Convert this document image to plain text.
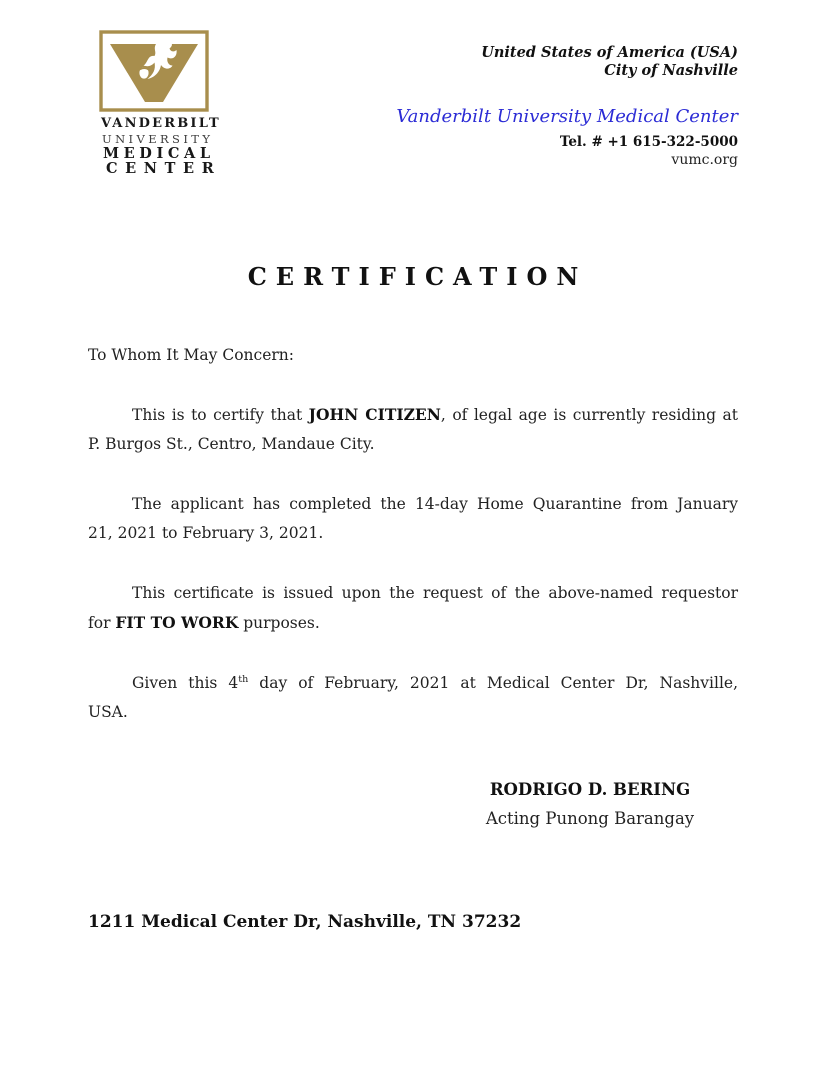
VANDERBILT
UNIVERSITY
MEDICAL
CENTER
United States of America (USA)
City of Nashville
Vanderbilt University Medical Center
Tel. # +1 615-322-5000
vumc.org
CERTIFICATION

To Whom It May Concern:

This is to certify that JOHN CITIZEN, of legal age is currently residing at
P. Burgos St., Centro, Mandaue City.
The applicant has completed the 14-day Home Quarantine from January
21, 2021 to February 3, 2021.
This certificate is issued upon the request of the above-named requestor
for FIT TO WORK purposes.
Given this 4th day of February, 2021 at Medical Center Dr, Nashville,
USA.
RODRIGO D. BERING
Acting Punong Barangay
1211 Medical Center Dr, Nashville, TN 37232
